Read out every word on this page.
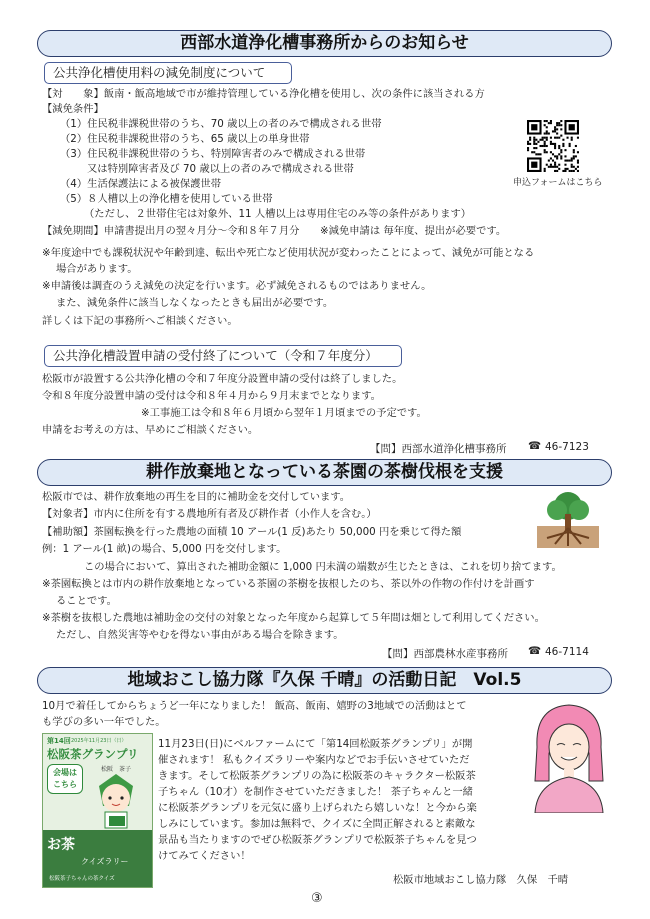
西部水道浄化槽事務所からのお知らせ
公共浄化槽使用料の減免制度について
【対　　象】飯南・飯高地域で市が維持管理している浄化槽を使用し、次の条件に該当される方
【減免条件】
（1）住民税非課税世帯のうち、70 歳以上の者のみで構成される世帯
（2）住民税非課税世帯のうち、65 歳以上の単身世帯
（3）住民税非課税世帯のうち、特別障害者のみで構成される世帯
又は特別障害者及び 70 歳以上の者のみで構成される世帯
（4）生活保護法による被保護世帯
（5）８人槽以上の浄化槽を使用している世帯
（ただし、２世帯住宅は対象外、11 人槽以上は専用住宅のみ等の条件があります）
【減免期間】申請書提出月の翌々月分～令和８年７月分　　※減免申請は 毎年度、提出が必要です。
※年度途中でも課税状況や年齢到達、転出や死亡など使用状況が変わったことによって、減免が可能となる
場合があります。
※申請後は調査のうえ減免の決定を行います。必ず減免されるものではありません。
また、減免条件に該当しなくなったときも届出が必要です。
詳しくは下記の事務所へご相談ください。
申込フォームはこちら
公共浄化槽設置申請の受付終了について（令和７年度分）
松阪市が設置する公共浄化槽の令和７年度分設置申請の受付は終了しました。
令和８年度分設置申請の受付は令和８年４月から９月末までとなります。
※工事施工は令和８年６月頃から翌年１月頃までの予定です。
申請をお考えの方は、早めにご相談ください。
【問】西部水道浄化槽事務所 ☎ 46-7123
耕作放棄地となっている茶園の茶樹伐根を支援
松阪市では、耕作放棄地の再生を目的に補助金を交付しています。
【対象者】市内に住所を有する農地所有者及び耕作者（小作人を含む。）
【補助額】茶園転換を行った農地の面積 10 アール(1 反)あたり 50,000 円を乗じて得た額
例：1 アール(1 畝)の場合、5,000 円を交付します。
この場合において、算出された補助金額に 1,000 円未満の端数が生じたときは、これを切り捨てます。
※茶園転換とは市内の耕作放棄地となっている茶園の茶樹を抜根したのち、茶以外の作物の作付けを計画す
ることです。
※茶樹を抜根した農地は補助金の交付の対象となった年度から起算して５年間は畑として利用してください。
ただし、自然災害等やむを得ない事由がある場合を除きます。
【問】西部農林水産事務所 ☎ 46-7114
地域おこし協力隊『久保 千晴』の活動日記　Vol.5
10月で着任してからちょうど一年になりました！ 飯高、飯南、嬉野の3地域での活動はとて
も学びの多い一年でした。
第14回 2025年11月23日（日）
松阪茶グランプリ
会場は
こちら
松阪　茶子
お茶
クイズラリー
松阪茶子ちゃんの茶クイズ
11月23日(日)にベルファームにて「第14回松阪茶グランプリ」が開
催されます！ 私もクイズラリーや案内などでお手伝いさせていただ
きます。そして松阪茶グランプリの為に松阪茶のキャラクター松阪茶
子ちゃん（10才）を制作させていただきました！ 茶子ちゃんと一緒
に松阪茶グランプリを元気に盛り上げられたら嬉しいな！と今から楽
しみにしています。参加は無料で、クイズに全問正解されると素敵な
景品も当たりますのでぜひ松阪茶グランプリで松阪茶子ちゃんを見つ
けてみてください！
松阪市地域おこし協力隊　久保　千晴
③
